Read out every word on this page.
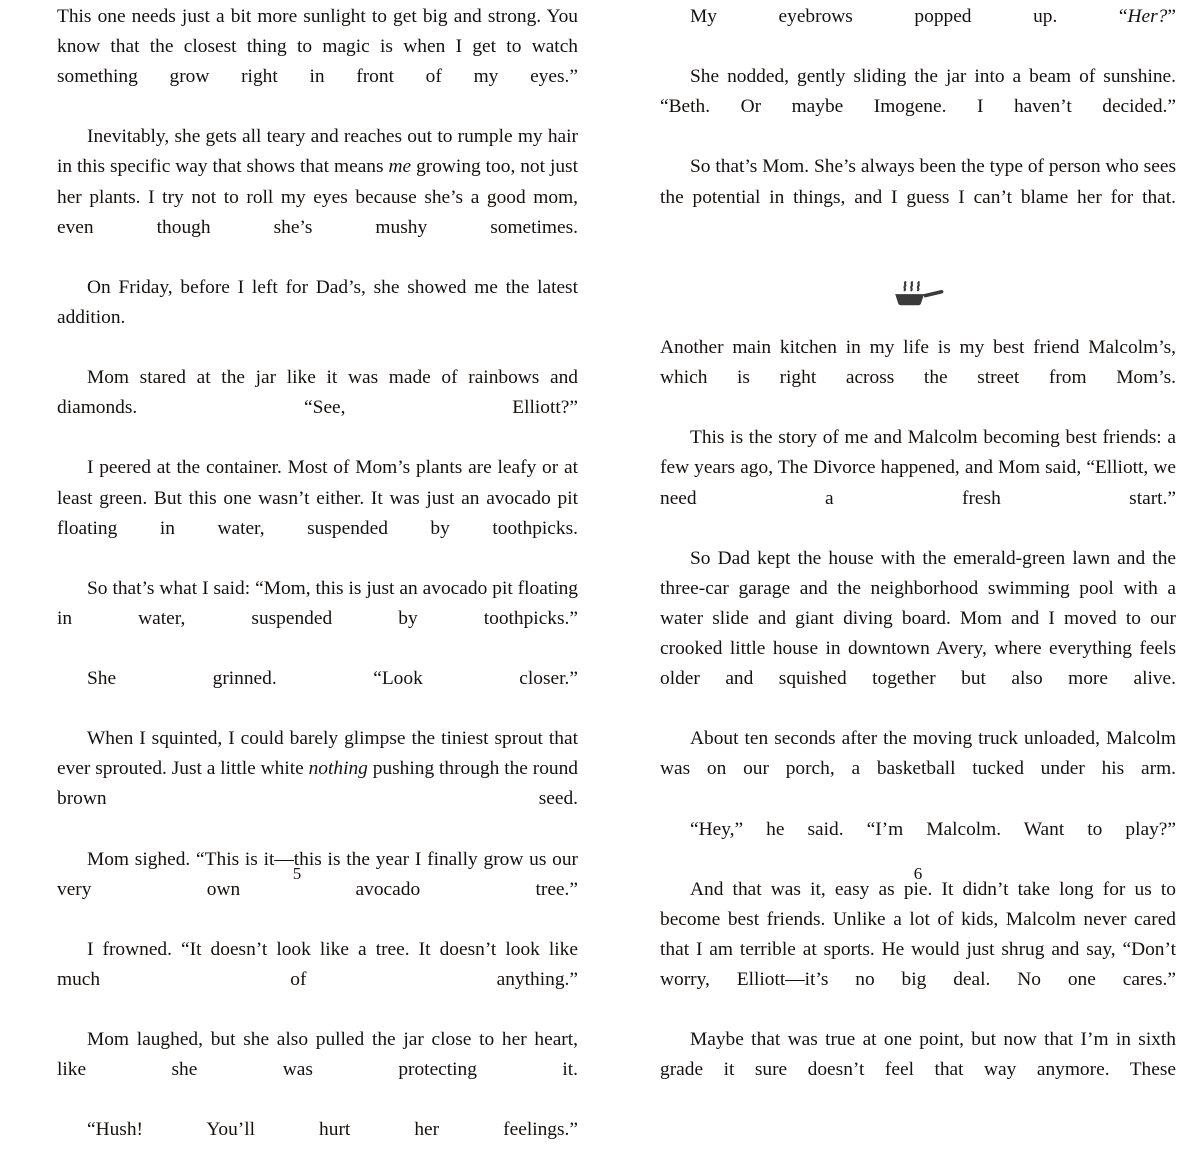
This one needs just a bit more sunlight to get big and strong. You know that the closest thing to magic is when I get to watch something grow right in front of my eyes.”

Inevitably, she gets all teary and reaches out to rumple my hair in this specific way that shows that means me growing too, not just her plants. I try not to roll my eyes because she’s a good mom, even though she’s mushy sometimes.

On Friday, before I left for Dad’s, she showed me the latest addition.

Mom stared at the jar like it was made of rainbows and diamonds. “See, Elliott?”

I peered at the container. Most of Mom’s plants are leafy or at least green. But this one wasn’t either. It was just an avocado pit floating in water, suspended by toothpicks.

So that’s what I said: “Mom, this is just an avocado pit floating in water, suspended by toothpicks.”

She grinned. “Look closer.”

When I squinted, I could barely glimpse the tiniest sprout that ever sprouted. Just a little white nothing pushing through the round brown seed.

Mom sighed. “This is it—this is the year I finally grow us our very own avocado tree.”

I frowned. “It doesn’t look like a tree. It doesn’t look like much of anything.”

Mom laughed, but she also pulled the jar close to her heart, like she was protecting it.

“Hush! You’ll hurt her feelings.”

5

My eyebrows popped up. “Her?”

She nodded, gently sliding the jar into a beam of sunshine. “Beth. Or maybe Imogene. I haven’t decided.”

So that’s Mom. She’s always been the type of person who sees the potential in things, and I guess I can’t blame her for that.

Another main kitchen in my life is my best friend Malcolm’s, which is right across the street from Mom’s.

This is the story of me and Malcolm becoming best friends: a few years ago, The Divorce happened, and Mom said, “Elliott, we need a fresh start.”

So Dad kept the house with the emerald-green lawn and the three-car garage and the neighborhood swimming pool with a water slide and giant diving board. Mom and I moved to our crooked little house in downtown Avery, where everything feels older and squished together but also more alive.

About ten seconds after the moving truck unloaded, Malcolm was on our porch, a basketball tucked under his arm.

“Hey,” he said. “I’m Malcolm. Want to play?”

And that was it, easy as pie. It didn’t take long for us to become best friends. Unlike a lot of kids, Malcolm never cared that I am terrible at sports. He would just shrug and say, “Don’t worry, Elliott—it’s no big deal. No one cares.”

Maybe that was true at one point, but now that I’m in sixth grade it sure doesn’t feel that way anymore. These

6
